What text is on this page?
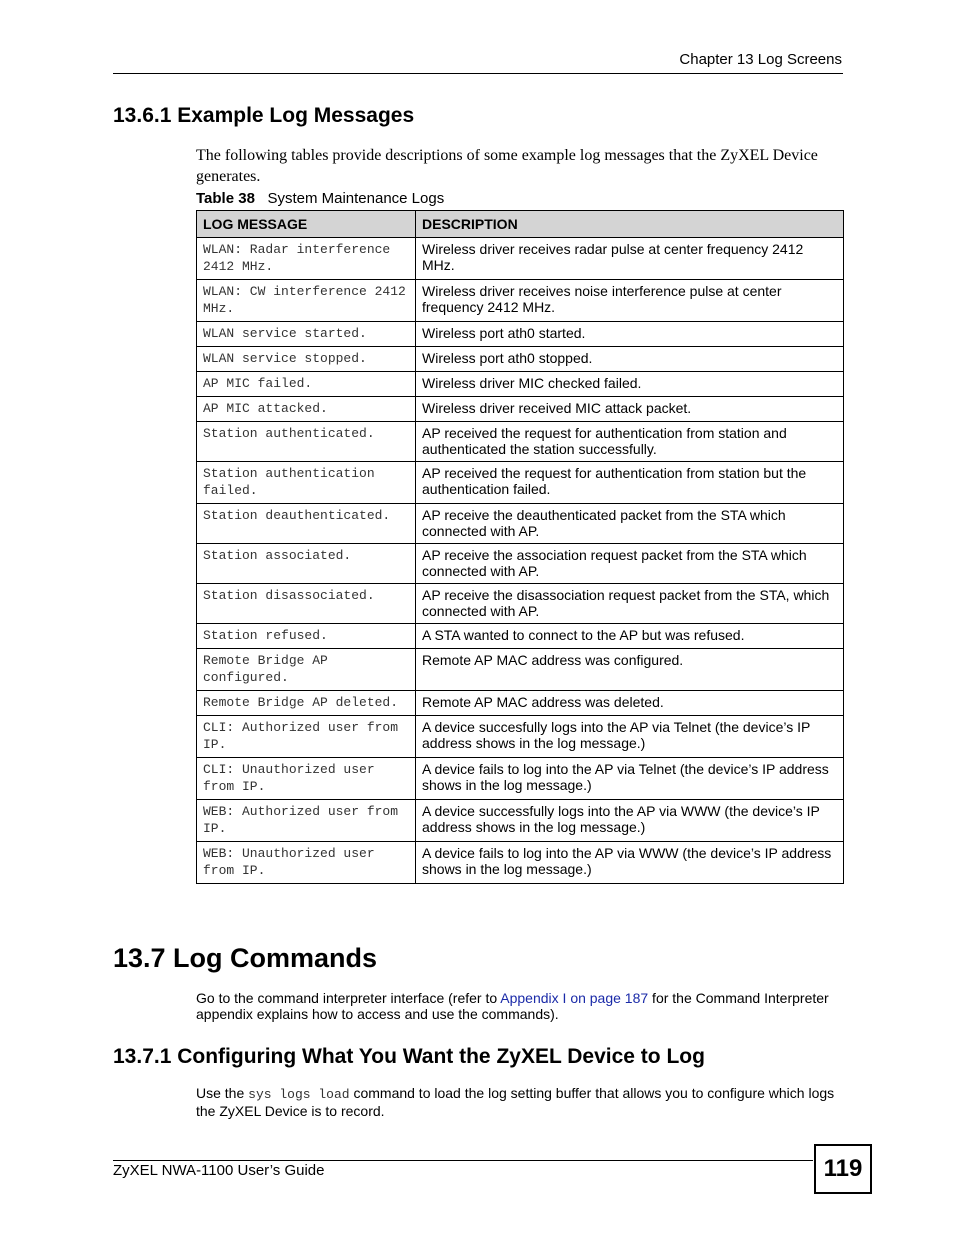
Chapter 13 Log Screens
13.6.1 Example Log Messages

The following tables provide descriptions of some example log messages that the ZyXEL Device generates.

Table 38 System Maintenance Logs
LOG MESSAGE	DESCRIPTION
WLAN: Radar interference 2412 MHz.	Wireless driver receives radar pulse at center frequency 2412 MHz.
WLAN: CW interference 2412 MHz.	Wireless driver receives noise interference pulse at center frequency 2412 MHz.
WLAN service started.	Wireless port ath0 started.
WLAN service stopped.	Wireless port ath0 stopped.
AP MIC failed.	Wireless driver MIC checked failed.
AP MIC attacked.	Wireless driver received MIC attack packet.
Station authenticated.	AP received the request for authentication from station and authenticated the station successfully.
Station authentication failed.	AP received the request for authentication from station but the authentication failed.
Station deauthenticated.	AP receive the deauthenticated packet from the STA which connected with AP.
Station associated.	AP receive the association request packet from the STA which connected with AP.
Station disassociated.	AP receive the disassociation request packet from the STA, which connected with AP.
Station refused.	A STA wanted to connect to the AP but was refused.
Remote Bridge AP configured.	Remote AP MAC address was configured.
Remote Bridge AP deleted.	Remote AP MAC address was deleted.
CLI: Authorized user from IP.	A device succesfully logs into the AP via Telnet (the device’s IP address shows in the log message.)
CLI: Unauthorized user from IP.	A device fails to log into the AP via Telnet (the device’s IP address shows in the log message.)
WEB: Authorized user from IP.	A device successfully logs into the AP via WWW (the device’s IP address shows in the log message.)
WEB: Unauthorized user from IP.	A device fails to log into the AP via WWW (the device’s IP address shows in the log message.)
13.7 Log Commands

Go to the command interpreter interface (refer to Appendix I on page 187 for the Command Interpreter appendix explains how to access and use the commands).

13.7.1 Configuring What You Want the ZyXEL Device to Log

Use the sys logs load command to load the log setting buffer that allows you to configure which logs the ZyXEL Device is to record.

ZyXEL NWA-1100 User’s Guide	119
